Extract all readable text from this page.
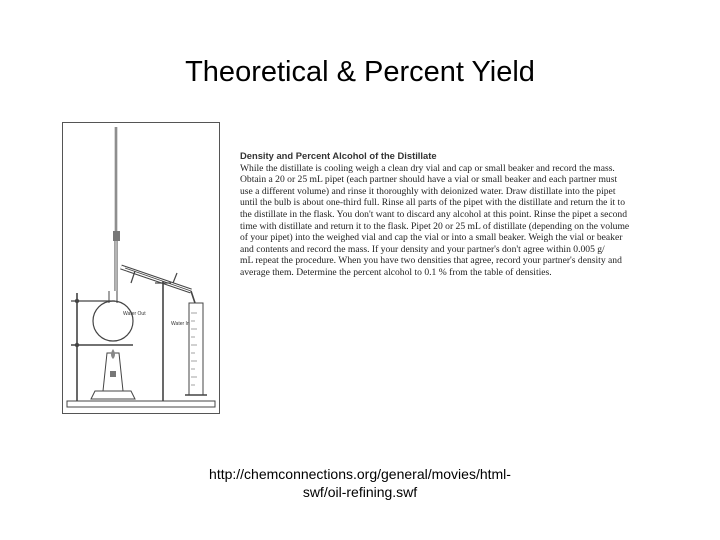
Theoretical & Percent Yield
Water Out
Water In
Density and Percent Alcohol of the Distillate
While the distillate is cooling weigh a clean dry vial and cap or small beaker and record the mass.
Obtain a 20 or 25 mL pipet (each partner should have a vial or small beaker and each partner must
use a different volume) and rinse it thoroughly with deionized water. Draw distillate into the pipet
until the bulb is about one-third full. Rinse all parts of the pipet with the distillate and return the it to
the distillate in the flask. You don't want to discard any alcohol at this point. Rinse the pipet a second
time with distillate and return it to the flask. Pipet 20 or 25 mL of distillate (depending on the volume
of your pipet) into the weighed vial and cap the vial or into a small beaker. Weigh the vial or beaker
and contents and record the mass. If your density and your partner's don't agree within 0.005 g/
mL repeat the procedure. When you have two densities that agree, record your partner's density and
average them. Determine the percent alcohol to 0.1 % from the table of densities.
http://chemconnections.org/general/movies/html-
swf/oil-refining.swf
